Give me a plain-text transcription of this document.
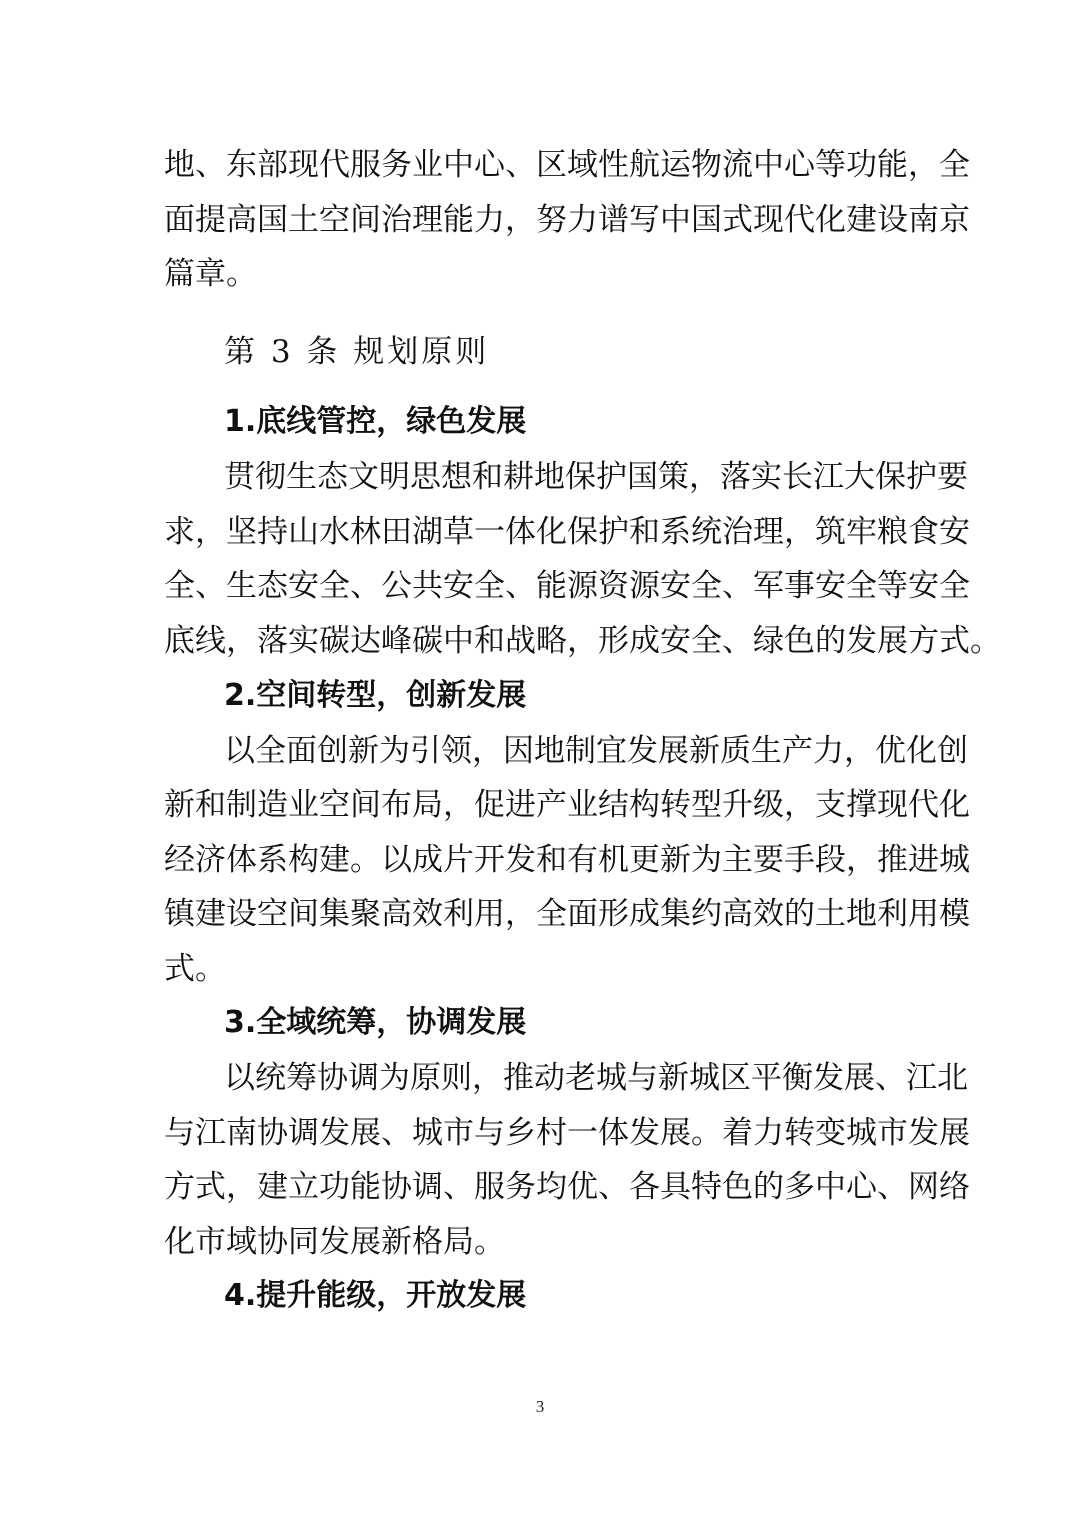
地、东部现代服务业中心、区域性航运物流中心等功能，全
面提高国土空间治理能力，努力谱写中国式现代化建设南京
篇章。
第 3 条 规划原则
1.底线管控，绿色发展
贯彻生态文明思想和耕地保护国策，落实长江大保护要
求，坚持山水林田湖草一体化保护和系统治理，筑牢粮食安
全、生态安全、公共安全、能源资源安全、军事安全等安全
底线，落实碳达峰碳中和战略，形成安全、绿色的发展方式。
2.空间转型，创新发展
以全面创新为引领，因地制宜发展新质生产力，优化创
新和制造业空间布局，促进产业结构转型升级，支撑现代化
经济体系构建。以成片开发和有机更新为主要手段，推进城
镇建设空间集聚高效利用，全面形成集约高效的土地利用模
式。
3.全域统筹，协调发展
以统筹协调为原则，推动老城与新城区平衡发展、江北
与江南协调发展、城市与乡村一体发展。着力转变城市发展
方式，建立功能协调、服务均优、各具特色的多中心、网络
化市域协同发展新格局。
4.提升能级，开放发展
3
